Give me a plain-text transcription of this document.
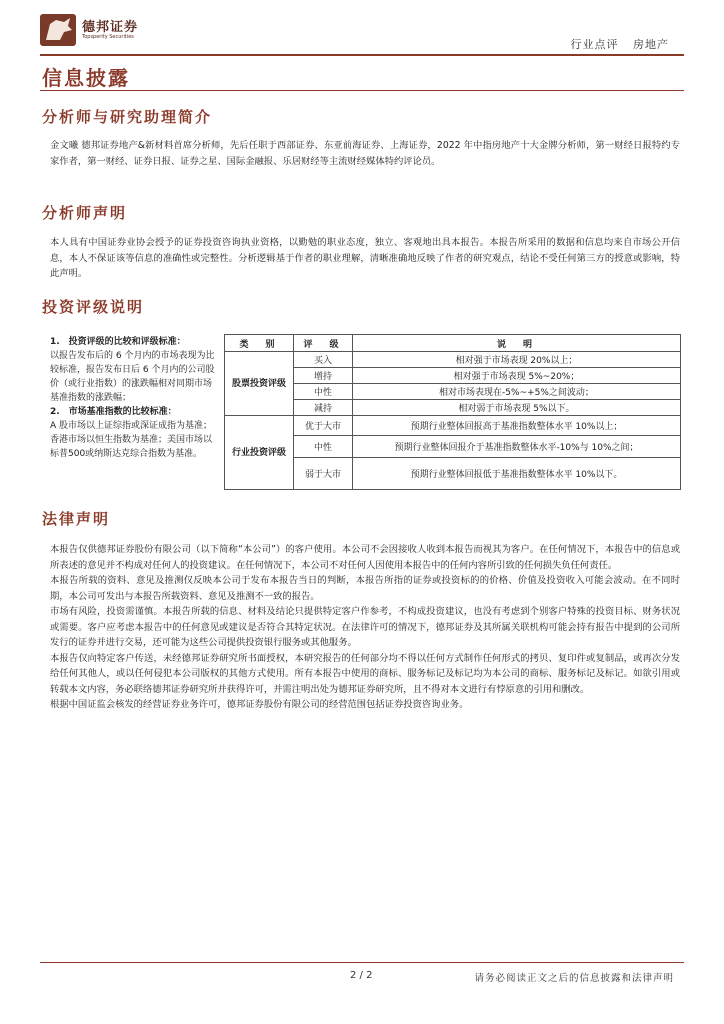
德邦证券
Topsperity Securities
行业点评 房地产
信息披露
分析师与研究助理简介
金文曦 德邦证券地产&新材料首席分析师，先后任职于西部证券、东亚前海证券、上海证券，2022 年中指房地产十大金牌分析师，第一财经日报特约专家作者，第一财经、证券日报、证券之星、国际金融报、乐居财经等主流财经媒体特约评论员。
分析师声明
本人具有中国证券业协会授予的证券投资咨询执业资格，以勤勉的职业态度，独立、客观地出具本报告。本报告所采用的数据和信息均来自市场公开信息，本人不保证该等信息的准确性或完整性。分析逻辑基于作者的职业理解，清晰准确地反映了作者的研究观点，结论不受任何第三方的授意或影响，特此声明。
投资评级说明
1.　投资评级的比较和评级标准：
以报告发布后的 6 个月内的市场表现为比较标准，报告发布日后 6 个月内的公司股价（或行业指数）的涨跌幅相对同期市场基准指数的涨跌幅；
2.　市场基准指数的比较标准：
A 股市场以上证综指或深证成指为基准；香港市场以恒生指数为基准；美国市场以标普500或纳斯达克综合指数为基准。	类　别	评　级	说　明
	股票投资评级	买入	相对强于市场表现 20%以上；
		增持	相对强于市场表现 5%~20%；
		中性	相对市场表现在-5%~+5%之间波动；
		减持	相对弱于市场表现 5%以下。
	行业投资评级	优于大市	预期行业整体回报高于基准指数整体水平 10%以上；
		中性	预期行业整体回报介于基准指数整体水平-10%与 10%之间；
		弱于大市	预期行业整体回报低于基准指数整体水平 10%以下。
法律声明

本报告仅供德邦证券股份有限公司（以下简称“本公司”）的客户使用。本公司不会因接收人收到本报告而视其为客户。在任何情况下，本报告中的信息或所表述的意见并不构成对任何人的投资建议。在任何情况下，本公司不对任何人因使用本报告中的任何内容所引致的任何损失负任何责任。

本报告所载的资料、意见及推测仅反映本公司于发布本报告当日的判断，本报告所指的证券或投资标的的价格、价值及投资收入可能会波动。在不同时期，本公司可发出与本报告所载资料、意见及推测不一致的报告。

市场有风险，投资需谨慎。本报告所载的信息、材料及结论只提供特定客户作参考，不构成投资建议，也没有考虑到个别客户特殊的投资目标、财务状况或需要。客户应考虑本报告中的任何意见或建议是否符合其特定状况。在法律许可的情况下，德邦证券及其所属关联机构可能会持有报告中提到的公司所发行的证券并进行交易，还可能为这些公司提供投资银行服务或其他服务。

本报告仅向特定客户传送，未经德邦证券研究所书面授权，本研究报告的任何部分均不得以任何方式制作任何形式的拷贝、复印件或复制品，或再次分发给任何其他人，或以任何侵犯本公司版权的其他方式使用。所有本报告中使用的商标、服务标记及标记均为本公司的商标、服务标记及标记。如欲引用或转载本文内容，务必联络德邦证券研究所并获得许可，并需注明出处为德邦证券研究所，且不得对本文进行有悖原意的引用和删改。

根据中国证监会核发的经营证券业务许可，德邦证券股份有限公司的经营范围包括证券投资咨询业务。

2 / 2	请务必阅读正文之后的信息披露和法律声明
